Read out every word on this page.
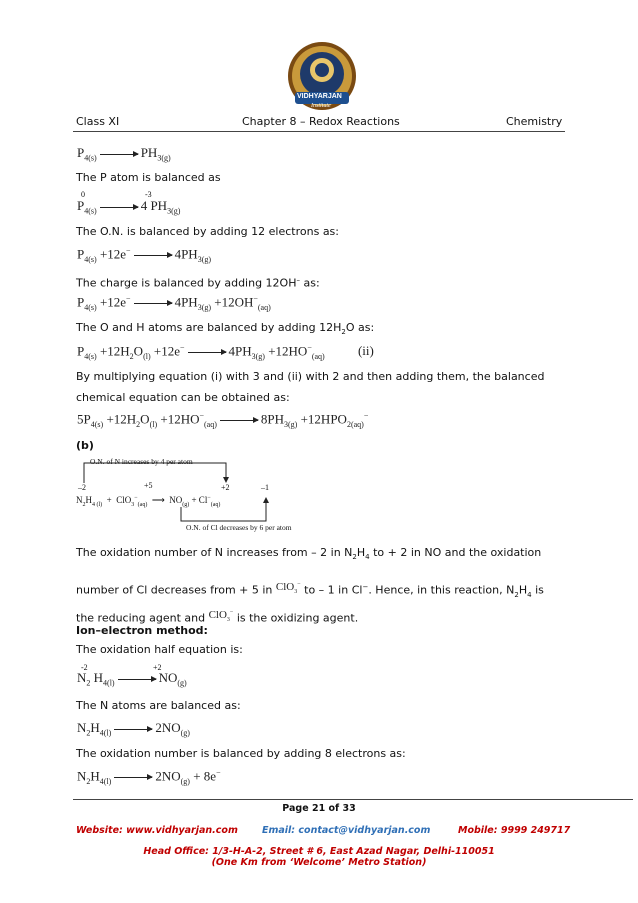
VIDHYARJAN
Institute
Class XI	Chapter 8 – Redox Reactions	Chemistry
$P_{4(s)}$	$PH_{3(g)}$
The P atom is balanced as
0	-3
$P_{4(s)}$	4 $PH_{3(g)}$
The O.N. is balanced by adding 12 electrons as:
$P_{4(s)} +12e^-$	$4PH_{3(g)}$
The charge is balanced by adding 12OH– as:
$P_{4(s)} +12e^-$	$4PH_{3(g)} +12OH^-_{(aq)}$
The O and H atoms are balanced by adding $12H_2O$ as:
$P_{4(s)} +12H_2O_{(l)} +12e^-$	$4PH_{3(g)} +12HO^-_{(aq)}$	(ii)
By multiplying equation (i) with 3 and (ii) with 2 and then adding them, the balanced
chemical equation can be obtained as:
$5P_{4(s)} +12H_2O_{(l)} +12HO^-_{(aq)}$	$8PH_{3(g)} +12HPO_{2(aq)}^-$
(b)
O.N. of N increases by 4 per atom
O.N. of Cl decreases by 6 per atom
–2	+5	+2	–1
$N_2H_{4 (l)} + ClO_3^-_{(aq)}$  ⟶  $NO_{(g)} + Cl^-_{(aq)}$
The oxidation number of N increases from – 2 in $N_2H_4$ to + 2 in NO and the oxidation
number of Cl decreases from + 5 in ClO$_3$− to – 1 in Cl−. Hence, in this reaction, $N_2H_4$ is
the reducing agent and ClO$_3$− is the oxidizing agent.
Ion–electron method:
The oxidation half equation is:
-2	+2
$N_2$ $H_{4(l)}$	$NO_{(g)}$
The N atoms are balanced as:
$N_2H_{4(l)}$	$2NO_{(g)}$
The oxidation number is balanced by adding 8 electrons as:
$N_2H_{4(l)}$	$2NO_{(g)} + 8e^-$
Page 21 of 33
Website: www.vidhyarjan.com	Email: contact@vidhyarjan.com	Mobile: 9999 249717
Head Office: 1/3-H-A-2, Street # 6, East Azad Nagar, Delhi-110051
(One Km from ‘Welcome’ Metro Station)
